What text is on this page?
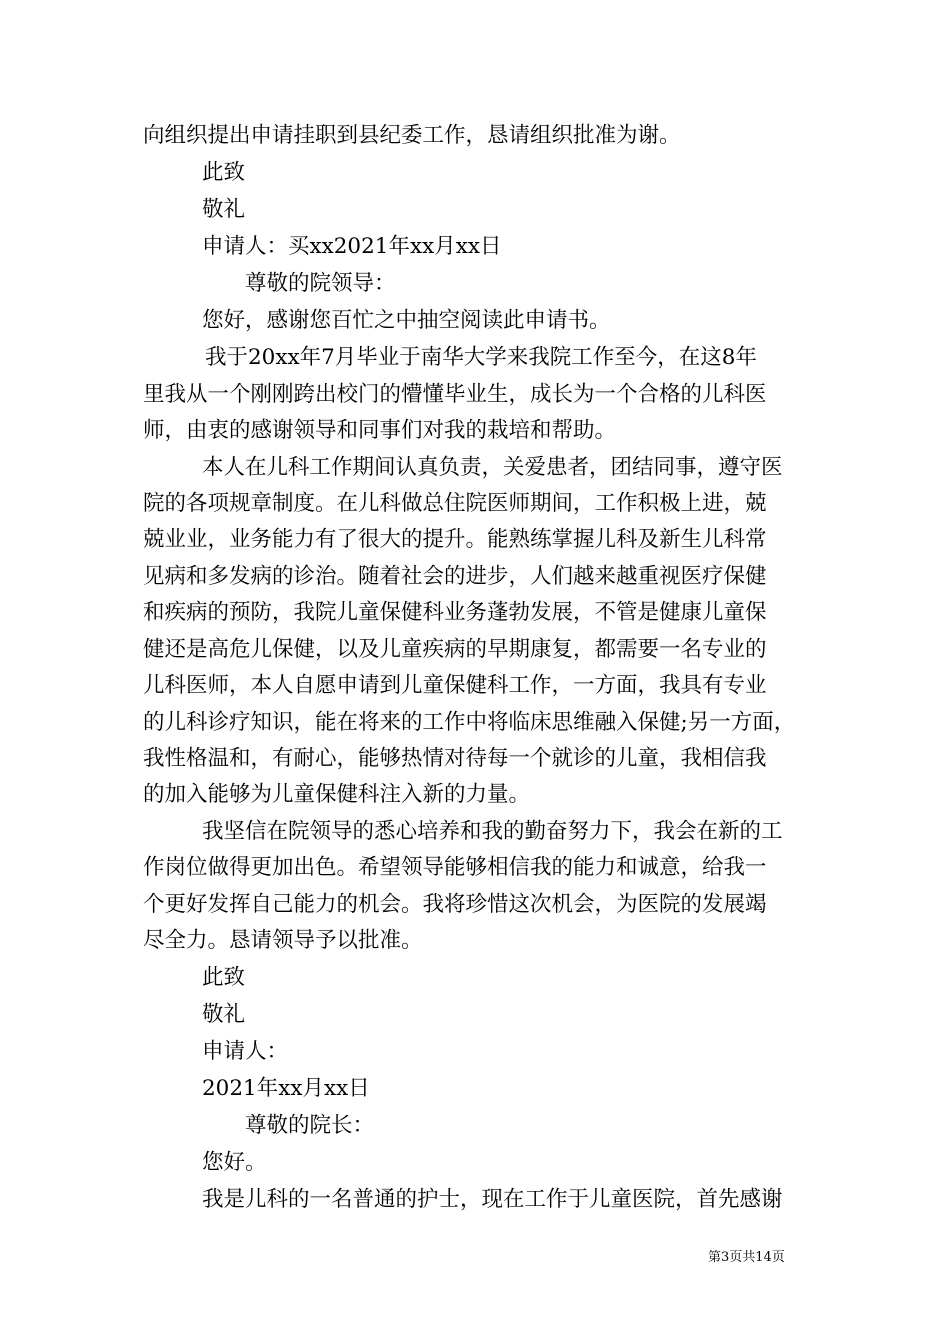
向组织提出申请挂职到县纪委工作，恳请组织批准为谢。
此致
敬礼
申请人：买xx2021年xx月xx日
尊敬的院领导：
您好，感谢您百忙之中抽空阅读此申请书。
我于20xx年7月毕业于南华大学来我院工作至今，在这8年
里我从一个刚刚跨出校门的懵懂毕业生，成长为一个合格的儿科医
师，由衷的感谢领导和同事们对我的栽培和帮助。
本人在儿科工作期间认真负责，关爱患者，团结同事，遵守医
院的各项规章制度。在儿科做总住院医师期间，工作积极上进，兢
兢业业，业务能力有了很大的提升。能熟练掌握儿科及新生儿科常
见病和多发病的诊治。随着社会的进步，人们越来越重视医疗保健
和疾病的预防，我院儿童保健科业务蓬勃发展，不管是健康儿童保
健还是高危儿保健，以及儿童疾病的早期康复，都需要一名专业的
儿科医师，本人自愿申请到儿童保健科工作，一方面，我具有专业
的儿科诊疗知识，能在将来的工作中将临床思维融入保健;另一方面，
我性格温和，有耐心，能够热情对待每一个就诊的儿童，我相信我
的加入能够为儿童保健科注入新的力量。
我坚信在院领导的悉心培养和我的勤奋努力下，我会在新的工
作岗位做得更加出色。希望领导能够相信我的能力和诚意，给我一
个更好发挥自己能力的机会。我将珍惜这次机会，为医院的发展竭
尽全力。恳请领导予以批准。
此致
敬礼
申请人：
2021年xx月xx日
尊敬的院长：
您好。
我是儿科的一名普通的护士，现在工作于儿童医院，首先感谢
第3页共14页
